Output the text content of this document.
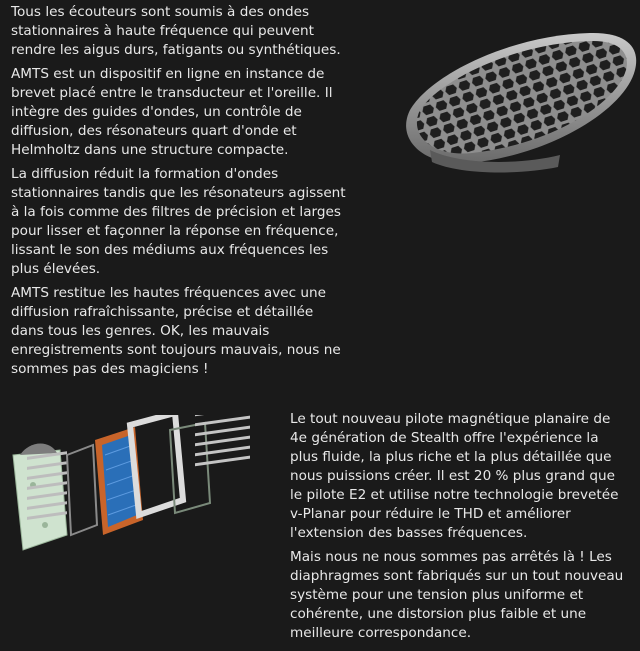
Tous les écouteurs sont soumis à des ondes stationnaires à haute fréquence qui peuvent rendre les aigus durs, fatigants ou synthétiques.

AMTS est un dispositif en ligne en instance de brevet placé entre le transducteur et l'oreille. Il intègre des guides d'ondes, un contrôle de diffusion, des résonateurs quart d'onde et Helmholtz dans une structure compacte.

La diffusion réduit la formation d'ondes stationnaires tandis que les résonateurs agissent à la fois comme des filtres de précision et larges pour lisser et façonner la réponse en fréquence, lissant le son des médiums aux fréquences les plus élevées.

AMTS restitue les hautes fréquences avec une diffusion rafraîchissante, précise et détaillée dans tous les genres. OK, les mauvais enregistrements sont toujours mauvais, nous ne sommes pas des magiciens !

Le tout nouveau pilote magnétique planaire de 4e génération de Stealth offre l'expérience la plus fluide, la plus riche et la plus détaillée que nous puissions créer. Il est 20 % plus grand que le pilote E2 et utilise notre technologie brevetée v-Planar pour réduire le THD et améliorer l'extension des basses fréquences.

Mais nous ne nous sommes pas arrêtés là ! Les diaphragmes sont fabriqués sur un tout nouveau système pour une tension plus uniforme et cohérente, une distorsion plus faible et une meilleure correspondance.
